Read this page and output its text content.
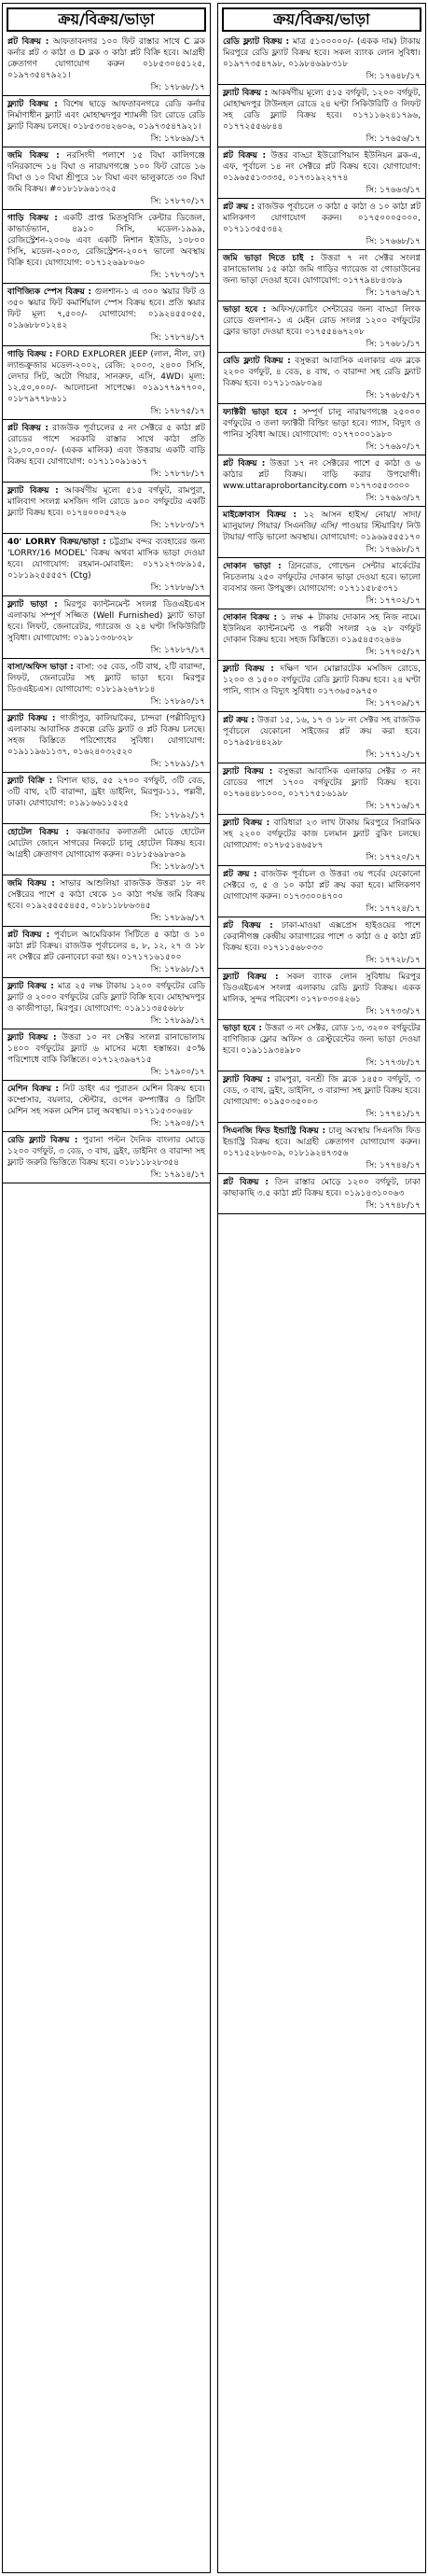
ক্রয়/বিক্রয়/ভাড়া
প্লট বিক্রয় : আফতাবনগর ১০০ ফিট রাস্তার সাথে C ব্লক কর্নার প্লট ৩ কাঠা ও D ব্লক ৩ কাঠা প্লট বিক্রি হবে। আগ্রহী ক্রেতাগণ যোগাযোগ করুন ০১৮৫৩০৪৫১২৫, ০১৯৭৩৫৪৭৯২১।
সি: ১৭৮৬৮/১৭
ফ্ল্যাট বিক্রয় : বিশেষ ছাড়ে আফতাবনগরে রেডি কর্নার নির্মাণাধীন ফ্ল্যাট এবং মোহাম্মদপুর শ্যামলী রিং রোডে রেডি ফ্ল্যাট বিক্রয় চলছে। ০১৮৫৩৩৪২৬০৬, ০১৯৭৩৫৪৭৯২১।
সি: ১৭৮৬৯/১৭
জমি বিক্রয় : নরসিংদী পলাশে ১৫ বিঘা কালিগঞ্জে দনিরকান্দে ১৪ বিঘা ও নারায়ণগঞ্জে ১০০ ফিট রোডে ১৬ বিঘা ও ১০ বিঘা শ্রীপুরে ১৮ বিঘা এবং ভালুকাতে ৩০ বিঘা জমি বিক্রয়। #০১৮১৮৯৬১৩২৫
সি: ১৭৮৭০/১৭
গাড়ি বিক্রয় : একটি প্রাপ্ত মিতসুবিসি কেন্টার ডিজেল, কাভার্ডভ্যান, ৪৯১০ সিসি, মডেল-১৯৯৯, রেজিস্ট্রেশন-২০০৬ এবং একটি নিশান ইউডি, ১০৮০০ সিসি, মডেল-২০০৩, রেজিস্ট্রেশন-২০০৭ ভালো অবস্থায় বিক্রি হবে। যোগাযোগ: ০১৭১২৬৯৮০৬০
সি: ১৭৮৭৩/১৭
বাণিজ্যিক স্পেস বিক্রয় : গুলশান-১ এ ৩০০ স্কয়ার ফিট ও ৩৫০ স্কয়ার ফিট কমার্শিয়াল স্পেস বিক্রয় হবে। প্রতি স্কয়ার ফিট মূল্য ৭,৫০০/- যোগাযোগ: ০১৯২৪৫৫০৫৫, ০১৯৬৮৮০১২৪২
সি: ১৭৮৭৪/১৭
গাড়ি বিক্রয় : FORD EXPLORER JEEP (লাল, নীল, রং) ল্যান্ডক্রুজার মডেল-২০০২, রেজি: ২০০৩, ২৪০০ সিসি, লেদার সিট, অটো গিয়ার, সানরুফ, এসি, 4WD। মূল্য: ১২,৫০,০০০/- আলোচনা সাপেক্ষে। ০১৯১৭৭৯৭৭০০, ০১৮৭৯৭৭৮৬১১
সি: ১৭৮৭৫/১৭
প্লট বিক্রয় : রাজউক পূর্বাচলের ৫ নং সেক্টরে ৫ কাঠা প্লট রোডের পাশে সরকারি রাস্তার সাথে কাঠা প্রতি ২১,০০,০০০/- (একক মালিক) এবং উত্তরায় একটি বাড়ি বিক্রয় হবে। যোগাযোগ: ০১৭১১০৯১৬১৭
সি: ১৭৮৭৮/১৭
ফ্ল্যাট বিক্রয় : আকর্ষণীয় মূল্যে ৫১৫ বর্গফুট, রামপুরা, মালিবাগ সংলগ্ন মসজিদ গলি রোডে ৯০০ বর্গফুটের একটি ফ্ল্যাট বিক্রয় হবে। ০১৭৪০০০৫৭২৬
সি: ১৭৮৮৩/১৭
40' LORRY বিক্রয়/ভাড়া : চট্টগ্রাম বন্দর ব্যবহারের জন্য 'LORRY/16 MODEL' বিক্রয় অথবা মাসিক ভাড়া দেওয়া হবে। যোগাযোগ: রহমান-মোবাইল: ০১৭১২৭৩৮৯১৫, ০১৮১৯২৫৫৫৫৭ (Ctg)
সি: ১৭৮৮৬/১৭
ফ্ল্যাট ভাড়া : মিরপুর ক্যান্টনমেন্ট সংলগ্ন ডিওএইচএস এলাকায় সম্পূর্ণ সজ্জিত (Well Furnished) ফ্ল্যাট ভাড়া হবে। লিফট, জেনারেটর, গ্যারেজ ও ২৪ ঘণ্টা সিকিউরিটি সুবিধা। যোগাযোগ: ০১৯১১৩৩৮৩২৮
সি: ১৭৮৮৭/১৭
বাসা/অফিস ভাড়া : বাসা: ৩৫ বেড, ৩টি বাথ, ২টি বারান্দা, লিফট, জেনারেটর সহ ফ্ল্যাট ভাড়া হবে। মিরপুর ডিওএইচএস। যোগাযোগ: ০১৮১৯২৬৭৮১৪
সি: ১৭৮৯০/১৭
ফ্ল্যাট বিক্রয় : গাজীপুর, কালিয়াকৈর, চান্দরা (পল্লীবিদ্যুৎ) এলাকায় আবাসিক প্রকল্পে রেডি ফ্ল্যাট ও প্লট বিক্রয় চলছে। সহজ কিস্তিতে পরিশোধের সুবিধা। যোগাযোগ: ০১৯১১৯৬১১৩৭, ০১৬২৪০৩২৫২০
সি: ১৭৮৯১/১৭
ফ্ল্যাট বিক্রি : বিশাল ছাড়, ৫৫ ২৭০০ বর্গফুট, ৩টি বেড, ৩টি বাথ, ২টি বারান্দা, ড্রইং ডাইনিং, মিরপুর-১১, পল্লবী, ঢাকা। যোগাযোগ: ০১৯১৬৬১১৫২৫
সি: ১৭৮৯২/১৭
হোটেল বিক্রয় : কক্সবাজার কলাতলী মোড়ে হোটেল মোটেল জোনে সাগরের নিকটে চালু হোটেল বিক্রয় হবে। আগ্রহী ক্রেতাগণ যোগাযোগ করুন। ০১৮১৫৬৯৮৬০৯
সি: ১৭৮৯৩/১৭
জমি বিক্রয় : সাভার আশুলিয়া রাজউক উত্তরা ১৮ নং সেক্টরের পাশে ৫ কাঠা থেকে ১০ কাঠা পর্যন্ত জমি বিক্রয় হবে। ০১৯২৫৫৫৫৪৫৫, ০১৮১১৮৮৬৩৪৫
সি: ১৭৮৯৬/১৭
প্লট বিক্রয় : পূর্বাচল আমেরিকান সিটিতে ৫ কাঠা ও ১০ কাঠা প্লট বিক্রয়। রাজউক পূর্বাচলের ৪, ৮, ১২, ২৭ ও ১৮ নং সেক্টরে প্লট কেনাবেচা করা হয়। ০১৭১৭১৬১৫০০
সি: ১৭৮৯৮/১৭
ফ্ল্যাট বিক্রয় : মাত্র ২৫ লক্ষ টাকায় ১২০০ বর্গফুটের রেডি ফ্ল্যাট ও ২০০০ বর্গফুটের রেডি ফ্ল্যাট বিক্রি হবে। মোহাম্মদপুর ও কাজীপাড়া, মিরপুর। যোগাযোগ: ০১৯১১৩৪৫৬৮৮
সি: ১৭৮৯৯/১৭
ফ্ল্যাট বিক্রয় : উত্তরা ১০ নং সেক্টর সংলগ্ন রানাভোলায় ১৪০০ বর্গফুটের ফ্ল্যাট ৬ মাসের মধ্যে হস্তান্তর। ৫০% পরিশোধে বাকি কিস্তিতে। ০১৭১২৩৯৬৭১৫
সি: ১৭৯০০/১৭
মেশিন বিক্রয় : নিট ডাইং এর পুরাতন মেশিন বিক্রয় হবে। কম্প্রেসার, বয়লার, স্টেন্টার, ওপেন কম্প্যাক্টর ও স্লিটিং মেশিন সহ সকল মেশিন চালু অবস্থায়। ০১৭১১৫৩০৬৪৮
সি: ১৭৯০৪/১৭
রেডি ফ্ল্যাট বিক্রয় : পুরানা পল্টন দৈনিক বাংলার মোড়ে ১২০০ বর্গফুট, ৩ বেড, ৩ বাথ, ড্রইং, ডাইনিং ও বারান্দা সহ ফ্ল্যাট জরুরি ভিত্তিতে বিক্রয় হবে। ০১৮১১৮২৮৩৫৪
সি: ১৭৯১৪/১৭
ক্রয়/বিক্রয়/ভাড়া
রেডি ফ্ল্যাট বিক্রয় : মাত্র ৫১০০০০০/- (একক দাম) টাকায় মিরপুরে রেডি ফ্ল্যাট বিক্রয় হবে। সকল ব্যাংক লোন সুবিধা। ০১৯৭৭৩৫৪৭৯৮, ০১৯৮৪৬৯৮৩১৮
সি: ১৭৬৪৮/১৭
ফ্ল্যাট বিক্রয় : আকর্ষণীয় মূল্যে ৫১৫ বর্গফুট, ১২০০ বর্গফুট, মোহাম্মদপুর টাউনহল রোডে ২৪ ঘণ্টা সিকিউরিটি ও লিফট সহ রেডি ফ্ল্যাট বিক্রয় হবে। ০১৭১১৬২৪১৭৯৬, ০১৭৭২৫৫৬৮৪৪
সি: ১৭৬৫৬/১৭
প্লট বিক্রয় : উত্তর বাড্ডা ইউরোপিয়ান ইউনিয়ন ব্লক-এ, এফ, পূর্বাচল ১৪ নং সেক্টরে প্লট বিক্রয় হবে। যোগাযোগ: ০১৯৬৫৫১৩৩৩৫, ০১৭৩১৯২২৭৭৪
সি: ১৭৬৬৩/১৭
প্লট ক্রয় : রাজউক পূর্বাচলে ৩ কাঠা ৫ কাঠা ও ১০ কাঠা প্লট মালিকগণ যোগাযোগ করুন। ০১৭৫০০০৫০০০, ০১৭১১৩৫৫৩৪২
সি: ১৭৬৬৮/১৭
জমি ভাড়া দিতে চাই : উত্তরা ৭ নং সেক্টর সংলগ্ন রানাভোলায় ১৫ কাঠা জমি গাড়ির গ্যারেজ বা গোডাউনের জন্য ভাড়া দেওয়া হবে। যোগাযোগ: ০১৭৭৯৪৮৪৩৮৯
সি: ১৭৬৭৬/১৭
ভাড়া হবে : অফিস/কোচিং সেন্টারের জন্য বাড্ডা লিংক রোডে গুলশান-১ এ মেইন রোড সংলগ্ন ১২০০ বর্গফুটের ফ্লোর ভাড়া দেওয়া হবে। ০১৭৫৫৪৬৭২০৮
সি: ১৭৬৮১/১৭
রেডি ফ্ল্যাট বিক্রয় : বসুন্ধরা আবাসিক এলাকার এফ ব্লকে ২২০০ বর্গফুট, ৪ বেড, ৪ বাথ, ৩ বারান্দা সহ রেডি ফ্ল্যাট বিক্রয় হবে। ০১৭১১৩৯৮০৯৪
সি: ১৭৬৮৫/১৭
ফ্যাক্টরী ভাড়া হবে : সম্পূর্ণ চালু নারায়ণগঞ্জে ২৫০০০ বর্গফুটের ৩ তলা ফ্যাক্টরী বিল্ডিং ভাড়া হবে। গ্যাস, বিদ্যুৎ ও পানির সুবিধা আছে। যোগাযোগ: ০১৭৭০০০১৯৮০
সি: ১৭৬৯০/১৭
প্লট বিক্রয় : উত্তরা ১৭ নং সেক্টরের পাশে ৫ কাঠা ও ৬ কাঠার প্লট বিক্রয়। বাড়ি করার উপযোগী। www.uttaraprobortancity.com ০১৭৭৩৫৫৩৩০০
সি: ১৭৬৯৩/১৭
মাইক্রোবাস বিক্রয় : ১২ আসন হাইস/ নোয়া/ সাদা/ ম্যানুয়াল/ গিয়ার/ সিএনজি/ এসি/ পাওয়ার স্টিয়ারিং/ নিউ টায়ার/ গাড়ি ভালো অবস্থায়। যোগাযোগ: ০১৯৬৯৫৫৫১৭০
সি: ১৭৬৯৮/১৭
দোকান ভাড়া : গ্রিনরোড, গোল্ডেন সেন্টার মার্কেটের নিচতলায় ২৫০ বর্গফুটের দোকান ভাড়া দেওয়া হবে। ভালো ব্যবসার জন্য উপযুক্ত। যোগাযোগ: ০১৭১১৫৮৫৩৭১
সি: ১৭৭০২/১৭
দোকান বিক্রয় : ১ লক্ষ + টাকায় দোকান সহ নিজ নামে। ইউনিয়ন ক্যান্টনমেন্ট ও পল্লবী সংলগ্ন ২৬ ২৮ বর্গফুট দোকান বিক্রয় হবে। সহজ কিস্তিতে। ০১৯৫৪৫৩২৬৪৬
সি: ১৭৭০৫/১৭
ফ্ল্যাট বিক্রয় : দক্ষিণ খান মোল্লারটেক মসজিদ রোডে, ১২০০ ও ১৫০০ বর্গফুটের রেডি ফ্ল্যাট বিক্রয় হবে। ২৪ ঘণ্টা পানি, গ্যাস ও বিদ্যুৎ সুবিধা। ০১৭৩৬৫০৯৭৫০
সি: ১৭৭০৯/১৭
প্লট ক্রয় : উত্তরা ১৫, ১৬, ১৭ ও ১৮ নং সেক্টর সহ রাজউক পূর্বাচলে যেকোনো সাইজের প্লট ক্রয় করা হবে। ০১৭৯৫৮৪৪২৯৮
সি: ১৭৭১২/১৭
ফ্ল্যাট বিক্রয় : বসুন্ধরা আবাসিক এলাকার সেক্টর ৩ নং রোডের পাশে ১৭০০ বর্গফুটের ফ্ল্যাট বিক্রয় হবে। ০১৭৬৪৪৮১০০০, ০১৭১৭৫১৬১৯৮
সি: ১৭৭১৬/১৭
ফ্ল্যাট বিক্রয় : বারিধারা ২৩ লাখ টাকায় মিরপুরে সিরামিক সহ ২২০০ বর্গফুটের কাজ চলমান ফ্ল্যাট বুকিং চলছে। যোগাযোগ: ০১৭৮৫১৪৬৫৮৭
সি: ১৭৭২০/১৭
প্লট ক্রয় : রাজউক পূর্বাচল ও উত্তরা ৩য় পর্বের যেকোনো সেক্টরে ৩, ৫ ও ১০ কাঠা প্লট ক্রয় করা হবে। মালিকগণ যোগাযোগ করুন। ০১৭৩৩০০৪৭০০
সি: ১৭৭২৪/১৭
প্লট বিক্রয় : ঢাকা-মাওয়া এক্সপ্রেস হাইওয়ের পাশে কেরানীগঞ্জ কেন্দ্রীয় কারাগারের পাশে ৩ কাঠা ও ৫ কাঠা প্লট বিক্রয় হবে। ০১৭১১৫৬৮০৩৩
সি: ১৭৭২৮/১৭
ফ্ল্যাট বিক্রয় : সকল ব্যাংক লোন সুবিধায় মিরপুর ডিওএইচএস সংলগ্ন এলাকায় রেডি ফ্ল্যাট বিক্রয়। একক মালিক, সুন্দর পরিবেশ। ০১৭৮০৩০৪২৬১
সি: ১৭৭৩৩/১৭
ভাড়া হবে : উত্তরা ৩ নং সেক্টর, রোড ১৩, ৩২০০ বর্গফুটের বাণিজ্যিক ফ্লোর অফিস ও রেস্টুরেন্টের জন্য ভাড়া দেওয়া হবে। ০১৯১১৯৩৪৯৮০
সি: ১৭৭৩৮/১৭
ফ্ল্যাট বিক্রয় : রামপুরা, বনশ্রী জি ব্লকে ১৪৫০ বর্গফুট, ৩ বেড, ৩ বাথ, ড্রইং, ডাইনিং, ৩ বারান্দা সহ ফ্ল্যাট বিক্রয় হবে। যোগাযোগ: ০১৯৫০৩৫০০৩
সি: ১৭৭৪১/১৭
সিএনজি ফিড ইন্ডাস্ট্রি বিক্রয় : চালু অবস্থায় সিএনজি ফিড ইন্ডাস্ট্রি বিক্রয় হবে। আগ্রহী ক্রেতাগণ যোগাযোগ করুন। ০১৭১৫২৮৬০০৯, ০১৮১৯২৪৭৩৫৬
সি: ১৭৭৪৪/১৭
প্লট বিক্রয় : তিন রাস্তার মোড়ে ১২০০ বর্গফুট, ঢাকা কাছাকাছি ৩.৫ কাঠা প্লট বিক্রয় হবে। ০১৯১৪৩১০০৬৩
সি: ১৭৭৪৮/১৭
